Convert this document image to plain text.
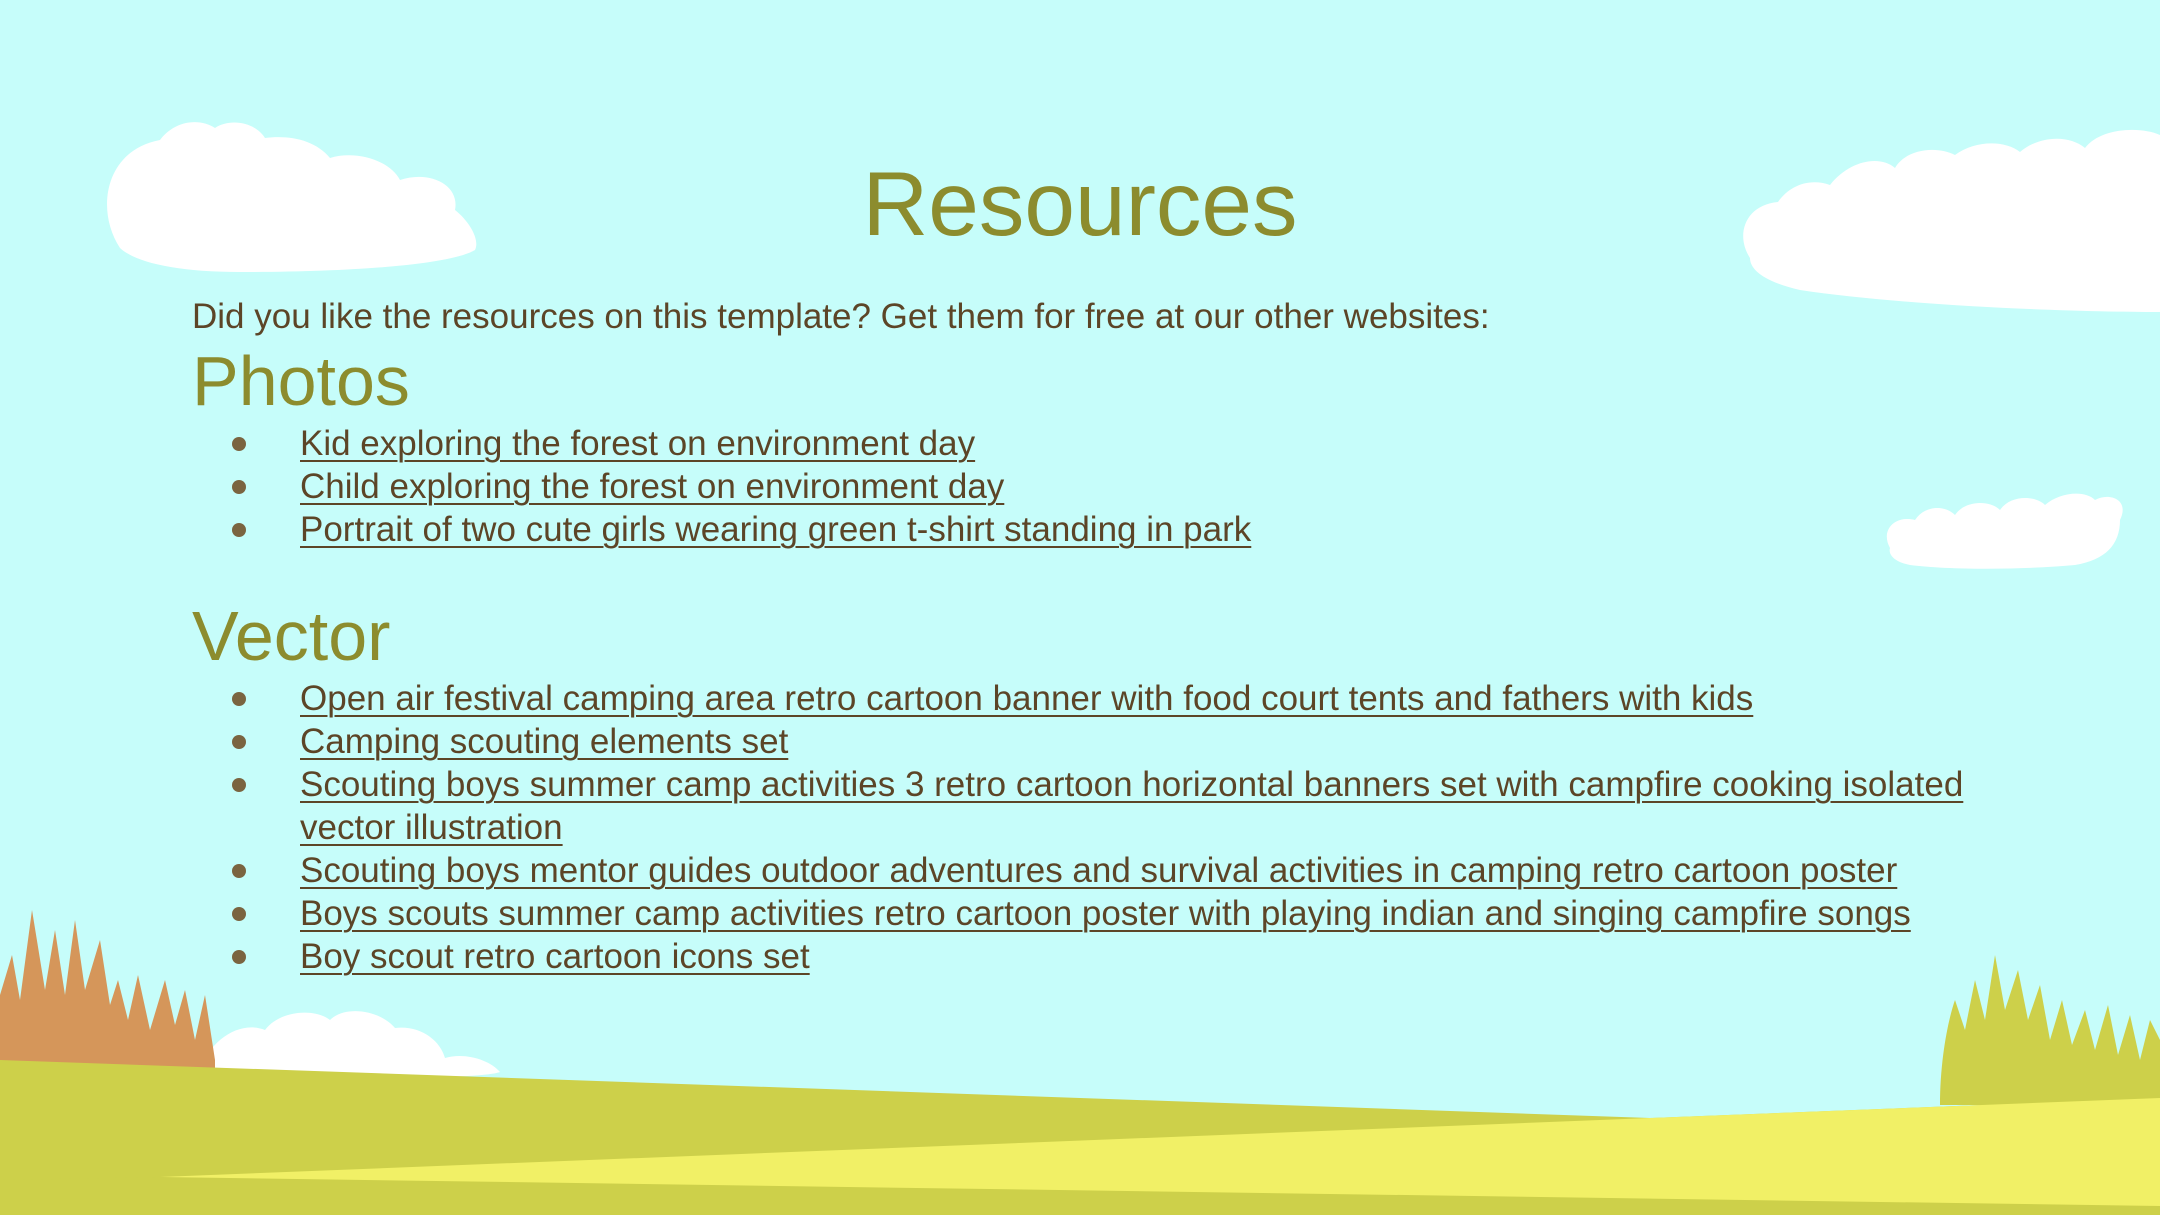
Resources

Did you like the resources on this template? Get them for free at our other websites:

Photos
Kid exploring the forest on environment day
Child exploring the forest on environment day
Portrait of two cute girls wearing green t-shirt standing in park
Vector
Open air festival camping area retro cartoon banner with food court tents and fathers with kids
Camping scouting elements set
Scouting boys summer camp activities 3 retro cartoon horizontal banners set with campfire cooking isolated vector illustration
Scouting boys mentor guides outdoor adventures and survival activities in camping retro cartoon poster
Boys scouts summer camp activities retro cartoon poster with playing indian and singing campfire songs
Boy scout retro cartoon icons set
